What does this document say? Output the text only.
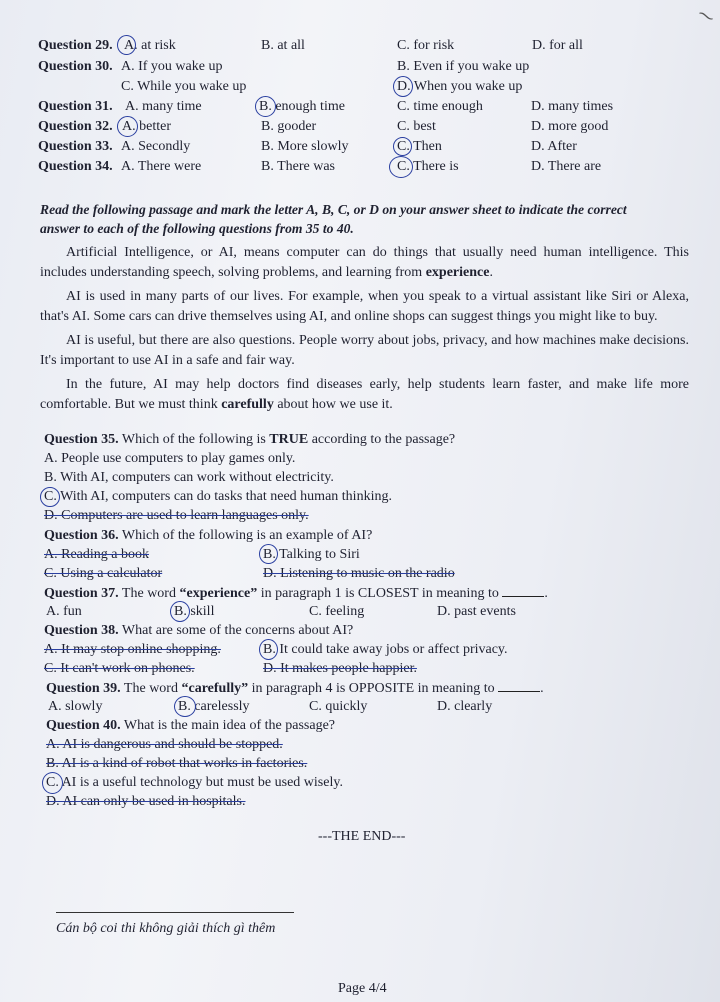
⁓
Question 29. A. at risk	B. at all	C. for risk	D. for all
Question 30. A. If you wake up	B. Even if you wake up
C. While you wake up	D. When you wake up
Question 31. A. many time	B. enough time	C. time enough	D. many times
Question 32. A. better	B. gooder	C. best	D. more good
Question 33. A. Secondly	B. More slowly	C. Then	D. After
Question 34. A. There were	B. There was	C. There is	D. There are
Read the following passage and mark the letter A, B, C, or D on your answer sheet to indicate the correct
answer to each of the following questions from 35 to 40.

Artificial Intelligence, or AI, means computer can do things that usually need human intelligence. This includes understanding speech, solving problems, and learning from experience.

AI is used in many parts of our lives. For example, when you speak to a virtual assistant like Siri or Alexa, that's AI. Some cars can drive themselves using AI, and online shops can suggest things you might like to buy.

AI is useful, but there are also questions. People worry about jobs, privacy, and how machines make decisions. It's important to use AI in a safe and fair way.

In the future, AI may help doctors find diseases early, help students learn faster, and make life more comfortable. But we must think carefully about how we use it.

Question 35. Which of the following is TRUE according to the passage?
A. People use computers to play games only.
B. With AI, computers can work without electricity.
C. With AI, computers can do tasks that need human thinking.
D. Computers are used to learn languages only.
Question 36. Which of the following is an example of AI?
A. Reading a book	B. Talking to Siri
C. Using a calculator	D. Listening to music on the radio
Question 37. The word “experience” in paragraph 1 is CLOSEST in meaning to	.
A. fun	B. skill	C. feeling	D. past events
Question 38. What are some of the concerns about AI?
A. It may stop online shopping.	B. It could take away jobs or affect privacy.
C. It can't work on phones.	D. It makes people happier.
Question 39. The word “carefully” in paragraph 4 is OPPOSITE in meaning to	.
A. slowly	B. carelessly	C. quickly	D. clearly
Question 40. What is the main idea of the passage?
A. AI is dangerous and should be stopped.
B. AI is a kind of robot that works in factories.
C. AI is a useful technology but must be used wisely.
D. AI can only be used in hospitals.
---THE END---
Cán bộ coi thi không giải thích gì thêm
Page 4/4
